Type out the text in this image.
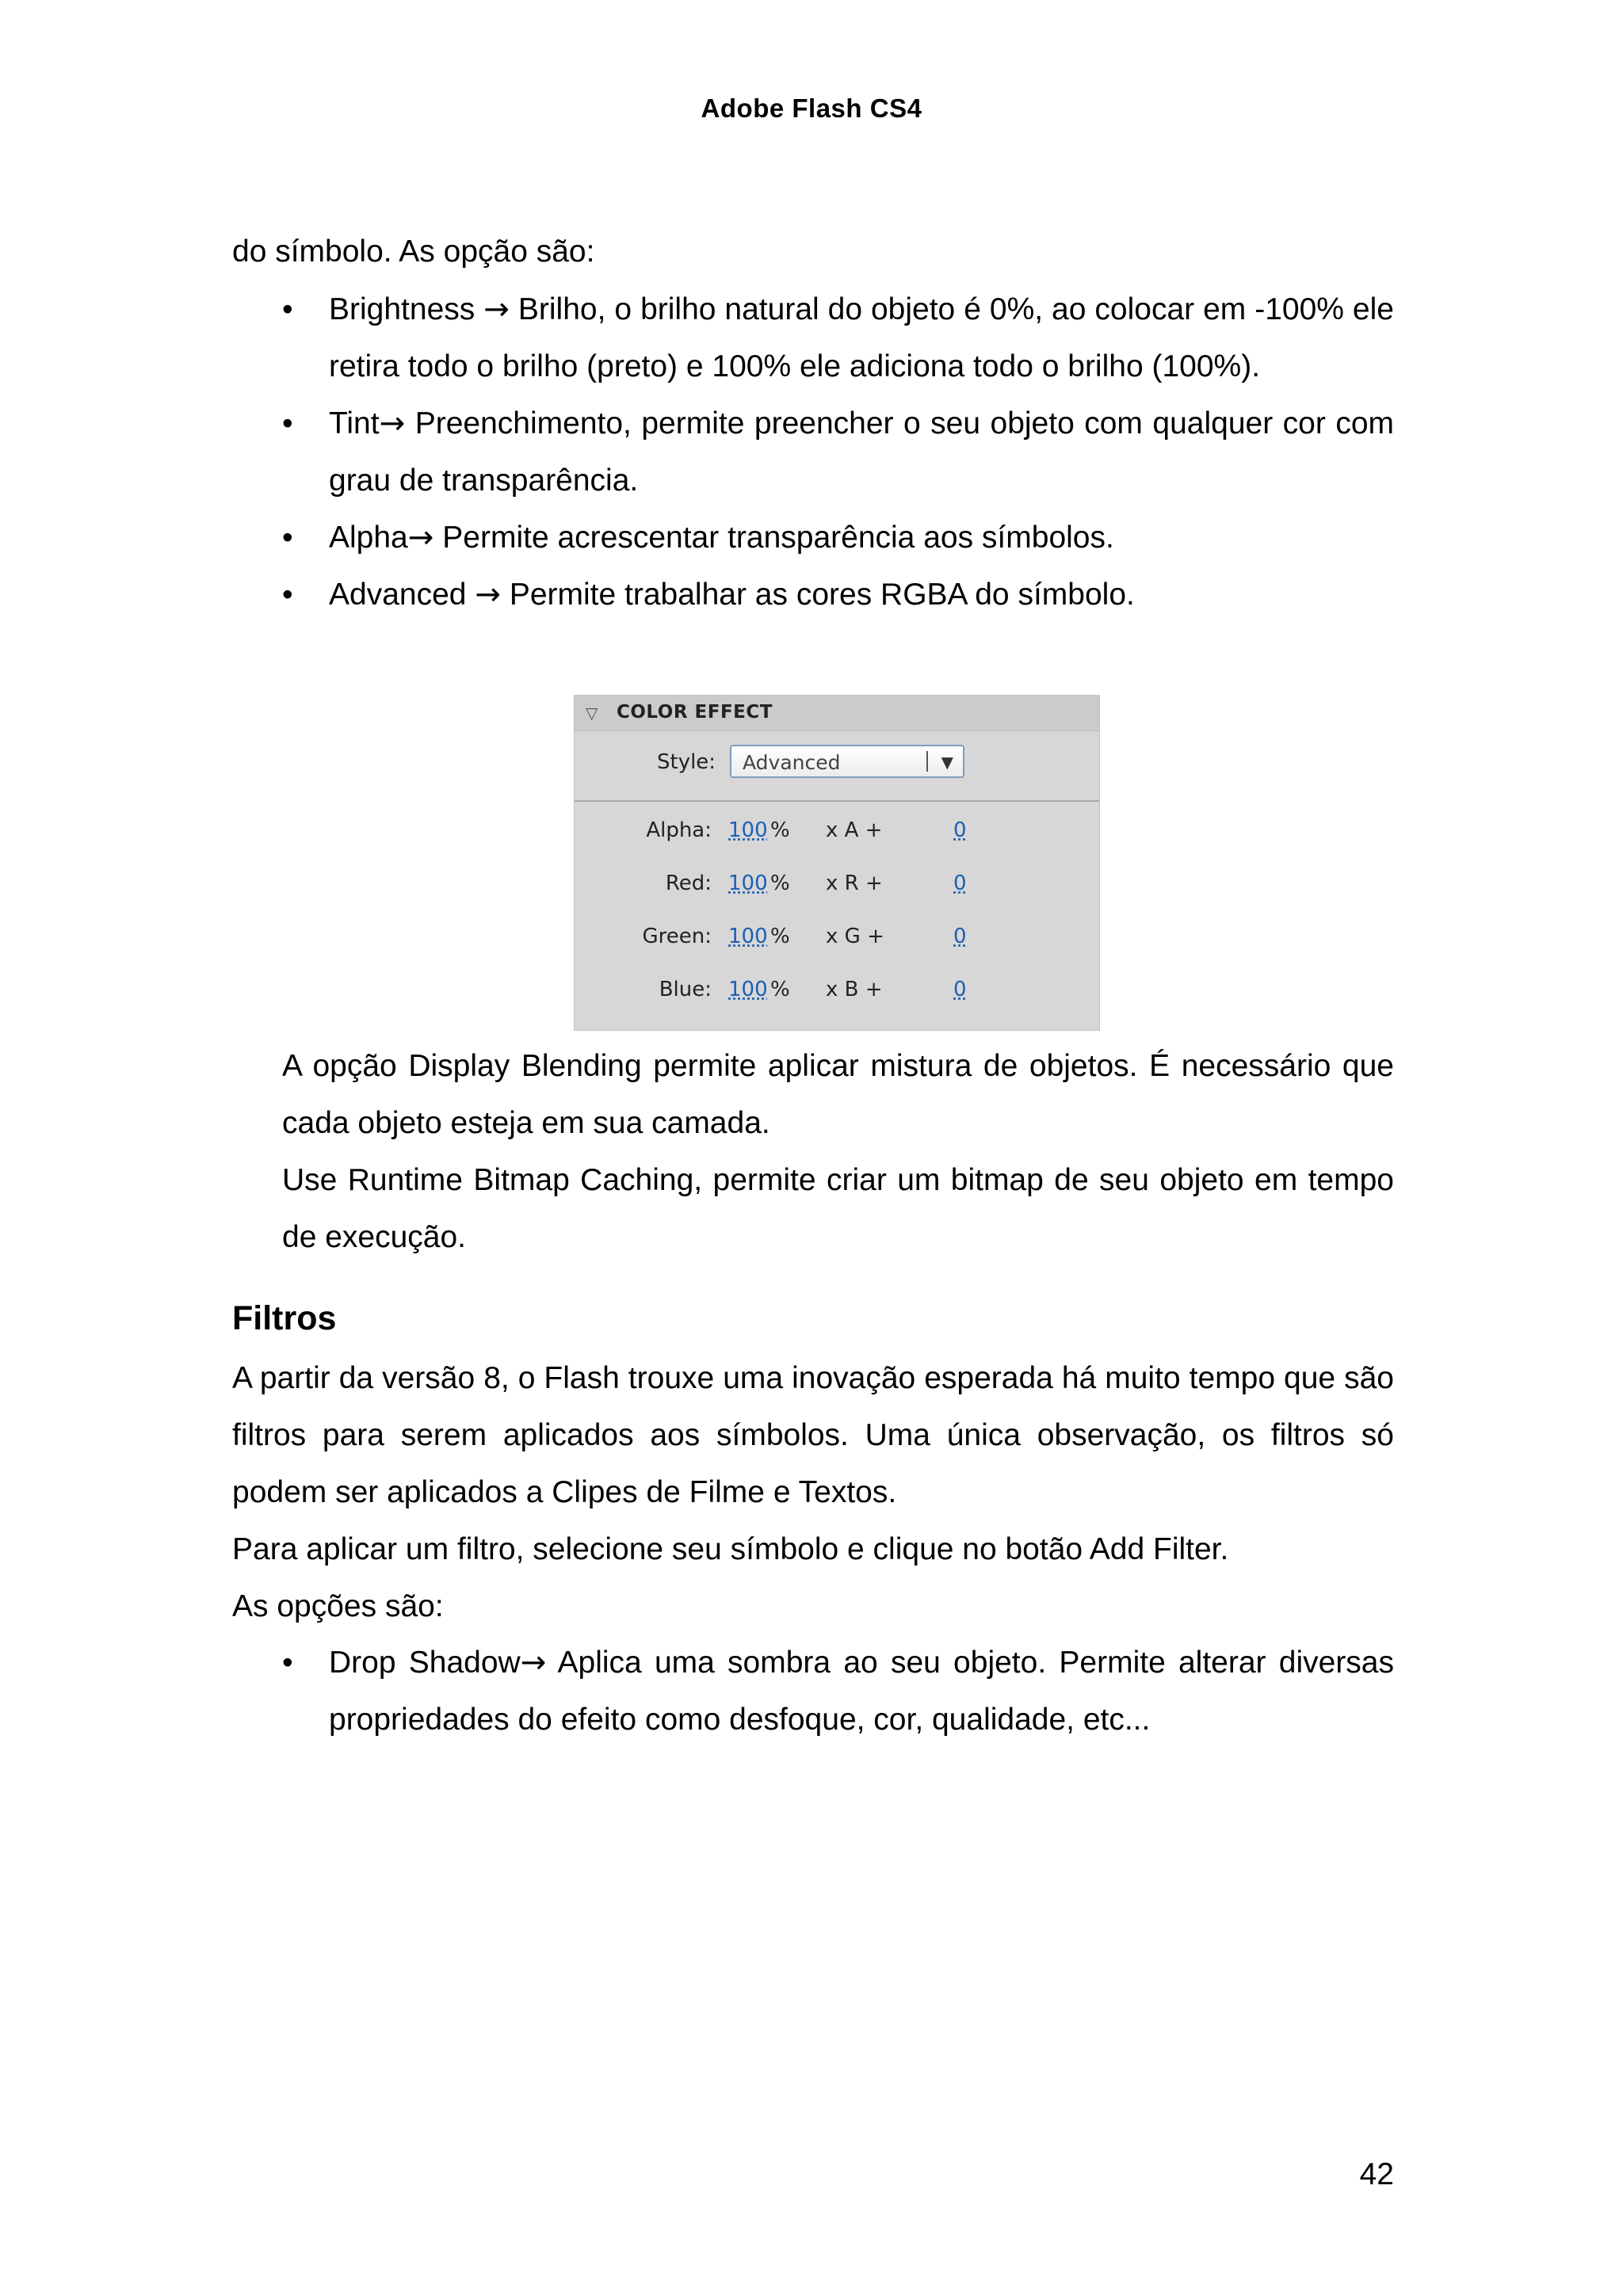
Adobe Flash CS4
do símbolo. As opção são:
• Brightness → Brilho, o brilho natural do objeto é 0%, ao colocar em -100% ele retira todo o brilho (preto) e 100% ele adiciona todo o brilho (100%).
• Tint→ Preenchimento, permite preencher o seu objeto com qualquer cor com grau de transparência.
• Alpha→ Permite acrescentar transparência aos símbolos.
• Advanced → Permite trabalhar as cores RGBA do símbolo.
▽ COLOR EFFECT
Style: Advanced	▼
Alpha: 100 % x A +	0
Red: 100 % x R +	0
Green: 100 % x G +	0
Blue: 100 % x B +	0
A opção Display Blending permite aplicar mistura de objetos. É necessário que cada objeto esteja em sua camada.
Use Runtime Bitmap Caching, permite criar um bitmap de seu objeto em tempo de execução.
Filtros
A partir da versão 8, o Flash trouxe uma inovação esperada há muito tempo que são filtros para serem aplicados aos símbolos. Uma única observação, os filtros só podem ser aplicados a Clipes de Filme e Textos.
Para aplicar um filtro, selecione seu símbolo e clique no botão Add Filter.
As opções são:
• Drop Shadow→ Aplica uma sombra ao seu objeto. Permite alterar diversas propriedades do efeito como desfoque, cor, qualidade, etc...
42
